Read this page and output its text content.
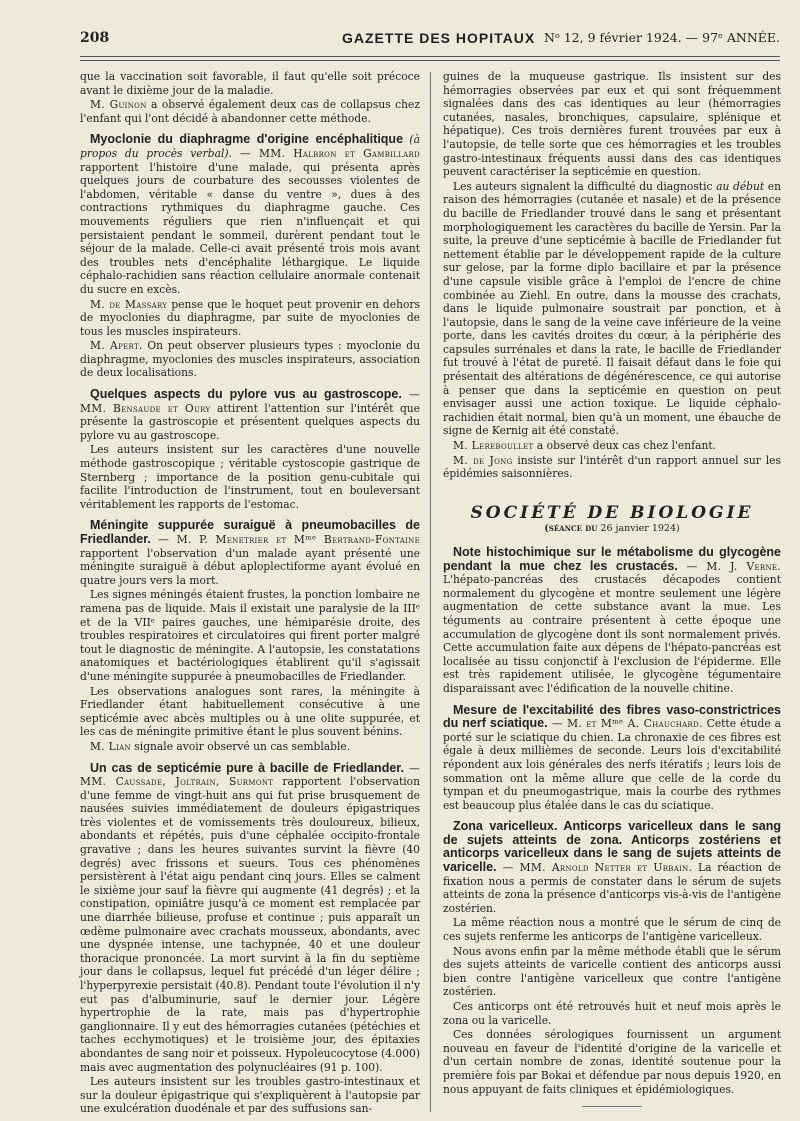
208	GAZETTE DES HOPITAUX Nᵒ 12, 9 février 1924. — 97ᵉ ANNÉE.

que la vaccination soit favorable, il faut qu'elle soit précoce avant le dixième jour de la maladie.

M. Guinon a observé également deux cas de collapsus chez l'enfant qui l'ont décidé à abandonner cette méthode.

Myoclonie du diaphragme d'origine encéphalitique (à propos du procès verbal). — MM. Halbron et Gambillard rapportent l'histoire d'une malade, qui présenta après quelques jours de courbature des secousses violentes de l'abdomen, véritable « danse du ventre », dues à des contractions rythmiques du diaphragme gauche. Ces mouvements réguliers que rien n'influençait et qui persistaient pendant le sommeil, durèrent pendant tout le séjour de la malade. Celle-ci avait présenté trois mois avant des troubles nets d'encéphalite léthargique. Le liquide céphalo-rachidien sans réaction cellulaire anormale contenait du sucre en excès.

M. de Massary pense que le hoquet peut provenir en dehors de myoclonies du diaphragme, par suite de myoclonies de tous les muscles inspirateurs.

M. Apert. On peut observer plusieurs types : myoclonie du diaphragme, myoclonies des muscles inspirateurs, association de deux localisations.

Quelques aspects du pylore vus au gastroscope. — MM. Bensaude et Oury attirent l'attention sur l'intérêt que présente la gastroscopie et présentent quelques aspects du pylore vu au gastroscope.

Les auteurs insistent sur les caractères d'une nouvelle méthode gastroscopique ; véritable cystoscopie gastrique de Sternberg ; importance de la position genu-cubitale qui facilite l'introduction de l'instrument, tout en bouleversant véritablement les rapports de l'estomac.

Méningite suppurée suraiguë à pneumobacilles de Friedlander. — M. P. Menetrier et Mᵐᵉ Bertrand-Fontaine rapportent l'observation d'un malade ayant présenté une méningite suraiguë à début aploplectiforme ayant évolué en quatre jours vers la mort.

Les signes méningés étaient frustes, la ponction lombaire ne ramena pas de liquide. Mais il existait une paralysie de la IIIᵉ et de la VIIᵉ paires gauches, une hémiparésie droite, des troubles respiratoires et circulatoires qui firent porter malgré tout le diagnostic de méningite. A l'autopsie, les constatations anatomiques et bactériologiques établirent qu'il s'agissait d'une méningite suppurée à pneumobacilles de Friedlander.

Les observations analogues sont rares, la méningite à Friedlander étant habituellement consécutive à une septicémie avec abcès multiples ou à une olite suppurée, et les cas de méningite primitive étant le plus souvent bénins.

M. Lian signale avoir observé un cas semblable.

Un cas de septicémie pure à bacille de Friedlander. — MM. Caussade, Joltrain, Surmont rapportent l'observation d'une femme de vingt-huit ans qui fut prise brusquement de nausées suivies immédiatement de douleurs épigastriques très violentes et de vomissements très douloureux, bilieux, abondants et répétés, puis d'une céphalée occipito-frontale gravative ; dans les heures suivantes survint la fièvre (40 degrés) avec frissons et sueurs. Tous ces phénomènes persistèrent à l'état aigu pendant cinq jours. Elles se calment le sixième jour sauf la fièvre qui augmente (41 degrés) ; et la constipation, opiniâtre jusqu'à ce moment est remplacée par une diarrhée bilieuse, profuse et continue ; puis apparaît un œdème pulmonaire avec crachats mousseux, abondants, avec une dyspnée intense, une tachypnée, 40 et une douleur thoracique prononcée. La mort survint à la fin du septième jour dans le collapsus, lequel fut précédé d'un léger délire ; l'hyperpyrexie persistait (40.8). Pendant toute l'évolution il n'y eut pas d'albuminurie, sauf le dernier jour. Légère hypertrophie de la rate, mais pas d'hypertrophie ganglionnaire. Il y eut des hémorragies cutanées (pétéchies et taches ecchymotiques) et le troisième jour, des épitaxies abondantes de sang noir et poisseux. Hypoleucocytose (4.000) mais avec augmentation des polynucléaires (91 p. 100).

Les auteurs insistent sur les troubles gastro-intestinaux et sur la douleur épigastrique qui s'expliquèrent à l'autopsie par une exulcération duodénale et par des suffusions san-

guines de la muqueuse gastrique. Ils insistent sur des hémorragies observées par eux et qui sont fréquemment signalées dans des cas identiques au leur (hémorragies cutanées, nasales, bronchiques, capsulaire, splénique et hépatique). Ces trois dernières furent trouvées par eux à l'autopsie, de telle sorte que ces hémorragies et les troubles gastro-intestinaux fréquents aussi dans des cas identiques peuvent caractériser la septicémie en question.

Les auteurs signalent la difficulté du diagnostic au début en raison des hémorragies (cutanée et nasale) et de la présence du bacille de Friedlander trouvé dans le sang et présentant morphologiquement les caractères du bacille de Yersin. Par la suite, la preuve d'une septicémie à bacille de Friedlander fut nettement établie par le développement rapide de la culture sur gelose, par la forme diplo bacillaire et par la présence d'une capsule visible grâce à l'emploi de l'encre de chine combinée au Ziehl. En outre, dans la mousse des crachats, dans le liquide pulmonaire soustrait par ponction, et à l'autopsie, dans le sang de la veine cave inférieure de la veine porte, dans les cavités droites du cœur, à la périphérie des capsules surrénales et dans la rate, le bacille de Friedlander fut trouvé à l'état de pureté. Il faisait défaut dans le foie qui présentait des altérations de dégénérescence, ce qui autorise à penser que dans la septicémie en question on peut envisager aussi une action toxique. Le liquide céphalo-rachidien était normal, bien qu'à un moment, une ébauche de signe de Kernig ait été constaté.

M. Lereboullet a observé deux cas chez l'enfant.

M. de Jong insiste sur l'intérêt d'un rapport annuel sur les épidémies saisonnières.

SOCIÉTÉ DE BIOLOGIE
(séance du 26 janvier 1924)

Note histochimique sur le métabolisme du glycogène pendant la mue chez les crustacés. — M. J. Verne. L'hépato-pancréas des crustacés décapodes contient normalement du glycogène et montre seulement une légère augmentation de cette substance avant la mue. Les téguments au contraire présentent à cette époque une accumulation de glycogène dont ils sont normalement privés. Cette accumulation faite aux dépens de l'hépato-pancréas est localisée au tissu conjonctif à l'exclusion de l'épiderme. Elle est très rapidement utilisée, le glycogène tégumentaire disparaissant avec l'édification de la nouvelle chitine.

Mesure de l'excitabilité des fibres vaso-constrictrices du nerf sciatique. — M. et Mᵐᵉ A. Chauchard. Cette étude a porté sur le sciatique du chien. La chronaxie de ces fibres est égale à deux millièmes de seconde. Leurs lois d'excitabilité répondent aux lois générales des nerfs itératifs ; leurs lois de sommation ont la même allure que celle de la corde du tympan et du pneumogastrique, mais la courbe des rythmes est beaucoup plus étalée dans le cas du sciatique.

Zona varicelleux. Anticorps varicelleux dans le sang de sujets atteints de zona. Anticorps zostériens et anticorps varicelleux dans le sang de sujets atteints de varicelle. — MM. Arnold Netter et Urbain. La réaction de fixation nous a permis de constater dans le sérum de sujets atteints de zona la présence d'anticorps vis-à-vis de l'antigène zostérien.

La même réaction nous a montré que le sérum de cinq de ces sujets renferme les anticorps de l'antigène varicelleux.

Nous avons enfin par la même méthode établi que le sérum des sujets atteints de varicelle contient des anticorps aussi bien contre l'antigène varicelleux que contre l'antigène zostérien.

Ces anticorps ont été retrouvés huit et neuf mois après le zona ou la varicelle.

Ces données sérologiques fournissent un argument nouveau en faveur de l'identité d'origine de la varicelle et d'un certain nombre de zonas, identité soutenue pour la première fois par Bokai et défendue par nous depuis 1920, en nous appuyant de faits cliniques et épidémiologiques.
